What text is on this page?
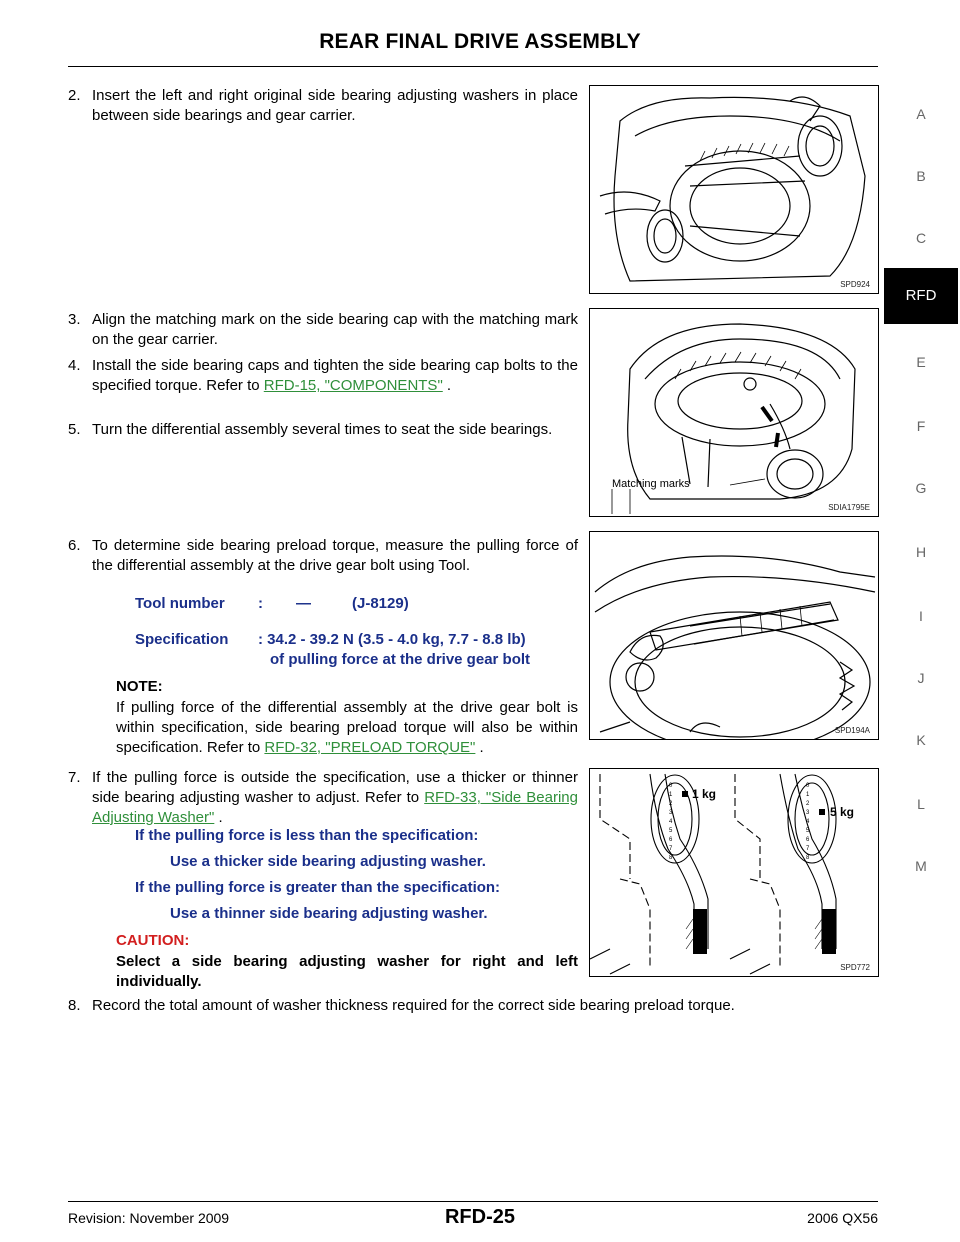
REAR FINAL DRIVE ASSEMBLY
A
B
C
RFD
E
F
G
H
I
J
K
L
M
2. Insert the left and right original side bearing adjusting washers in place between side bearings and gear carrier.
SPD924
3. Align the matching mark on the side bearing cap with the matching mark on the gear carrier.
4. Install the side bearing caps and tighten the side bearing cap bolts to the specified torque. Refer to RFD-15, "COMPONENTS" .
5. Turn the differential assembly several times to seat the side bearings.
Matching marks
SDIA1795E
6. To determine side bearing preload torque, measure the pulling force of the differential assembly at the drive gear bolt using Tool.
Tool number : —	(J-8129)
Specification : 34.2 - 39.2 N (3.5 - 4.0 kg, 7.7 - 8.8 lb)
of pulling force at the drive gear bolt
NOTE:
If pulling force of the differential assembly at the drive gear bolt is within specification, side bearing preload torque will also be within specification. Refer to RFD-32, "PRELOAD TORQUE" .
SPD194A
7. If the pulling force is outside the specification, use a thicker or thinner side bearing adjusting washer to adjust. Refer to RFD-33, "Side Bearing Adjusting Washer" .
If the pulling force is less than the specification:
Use a thicker side bearing adjusting washer.
If the pulling force is greater than the specification:
Use a thinner side bearing adjusting washer.
CAUTION:
Select a side bearing adjusting washer for right and left individually.
0
1
2
3
4
5
6
7
8
0
1
2
3
4
5
6
7
8
1 kg
5 kg
SPD772
8. Record the total amount of washer thickness required for the correct side bearing preload torque.
Revision: November 2009	RFD-25	2006 QX56
